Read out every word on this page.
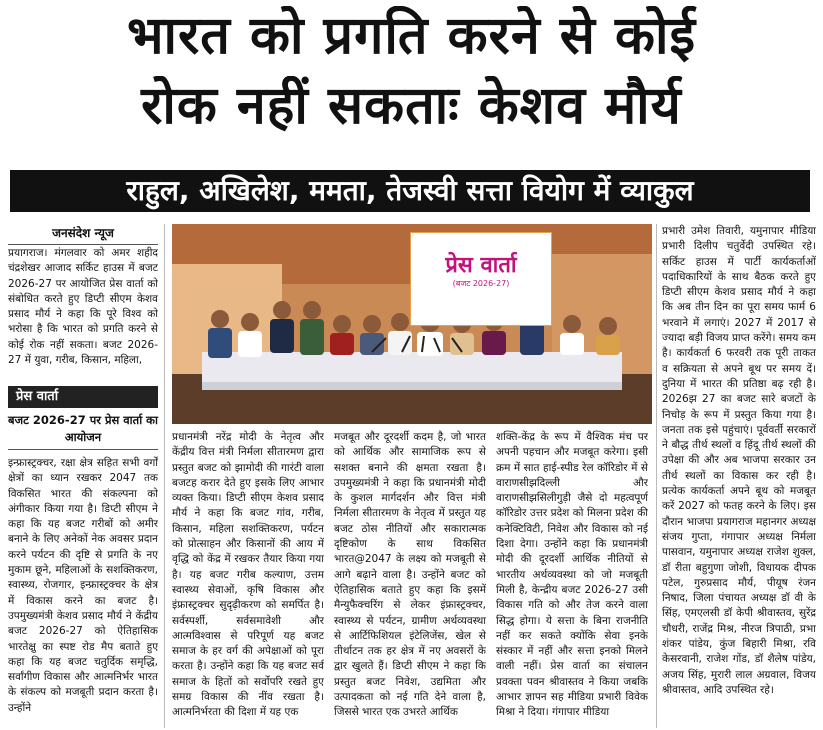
भारत को प्रगति करने से कोई
रोक नहीं सकताः केशव मौर्य
राहुल, अखिलेश, ममता, तेजस्वी सत्ता वियोग में व्याकुल
जनसंदेश न्यूज

प्रयागराज। मंगलवार को अमर शहीद चंद्रशेखर आजाद सर्किट हाउस में बजट 2026-27 पर आयोजित प्रेस वार्ता को संबोधित करते हुए डिप्टी सीएम केशव प्रसाद मौर्य ने कहा कि पूरे विश्व को भरोसा है कि भारत को प्रगति करने से कोई रोक नहीं सकता। बजट 2026-27 में युवा, गरीब, किसान, महिला,

प्रेस वार्ता
बजट 2026-27 पर प्रेस वार्ता का आयोजन

इन्फ्रास्ट्रक्चर, रक्षा क्षेत्र सहित सभी वर्गों क्षेत्रों का ध्यान रखकर 2047 तक विकसित भारत की संकल्पना को अंगीकार किया गया है। डिप्टी सीएम ने कहा कि यह बजट गरीबों को अमीर बनाने के लिए अनेकों नेक अवसर प्रदान करने पर्यटन की दृष्टि से प्रगति के नए मुकाम छूने, महिलाओं के सशक्तिकरण, स्वास्थ्य, रोजगार, इन्फ्रास्ट्रक्चर के क्षेत्र में विकास करने का बजट है। उपमुख्यमंत्री केशव प्रसाद मौर्य ने केंद्रीय बजट 2026-27 को ऐतिहासिक भारतेक्षु का स्पष्ट रोड मैप बताते हुए कहा कि यह बजट चतुर्दिक समृद्धि, सर्वांगीण विकास और आत्मनिर्भर भारत के संकल्प को मजबूती प्रदान करता है। उन्होंने

प्रेस वार्ता
(बजट 2026-27)

प्रधानमंत्री नरेंद्र मोदी के नेतृत्व और केंद्रीय वित्त मंत्री निर्मला सीतारमण द्वारा प्रस्तुत बजट को झामोदी की गारंटी वाला बजटह करार देते हुए इसके लिए आभार व्यक्त किया। डिप्टी सीएम केशव प्रसाद मौर्य ने कहा कि बजट गांव, गरीब, किसान, महिला सशक्तिकरण, पर्यटन को प्रोत्साहन और किसानों की आय में वृद्धि को केंद्र में रखकर तैयार किया गया है। यह बजट गरीब कल्याण, उत्तम स्वास्थ्य सेवाओं, कृषि विकास और इंफ्रास्ट्रक्चर सुदृढ़ीकरण को समर्पित है। सर्वस्पर्शी, सर्वसमावेशी और आत्मविश्वास से परिपूर्ण यह बजट समाज के हर वर्ग की अपेक्षाओं को पूरा करता है। उन्होंने कहा कि यह बजट सर्व समाज के हितों को सर्वोपरि रखते हुए समग्र विकास की नींव रखता है। आत्मनिर्भरता की दिशा में यह एक

मजबूत और दूरदर्शी कदम है, जो भारत को आर्थिक और सामाजिक रूप से सशक्त बनाने की क्षमता रखता है। उपमुख्यमंत्री ने कहा कि प्रधानमंत्री मोदी के कुशल मार्गदर्शन और वित्त मंत्री निर्मला सीतारमण के नेतृत्व में प्रस्तुत यह बजट ठोस नीतियों और सकारात्मक दृष्टिकोण के साथ विकसित भारत@2047 के लक्ष्य को मजबूती से आगे बढ़ाने वाला है। उन्होंने बजट को ऐतिहासिक बताते हुए कहा कि इसमें मैन्युफैक्चरिंग से लेकर इंफ्रास्ट्रक्चर, स्वास्थ्य से पर्यटन, ग्रामीण अर्थव्यवस्था से आर्टिफिशियल इंटेलिजेंस, खेल से तीर्थाटन तक हर क्षेत्र में नए अवसरों के द्वार खुलते हैं। डिप्टी सीएम ने कहा कि प्रस्तुत बजट निवेश, उद्यमिता और उत्पादकता को नई गति देने वाला है, जिससे भारत एक उभरते आर्थिक

शक्ति-केंद्र के रूप में वैश्विक मंच पर अपनी पहचान और मजबूत करेगा। इसी क्रम में सात हाई-स्पीड रेल कॉरिडोर में से वाराणसीझदिल्ली और वाराणसीझसिलीगुड़ी जैसे दो महत्वपूर्ण कॉरिडोर उत्तर प्रदेश को मिलना प्रदेश की कनेक्टिविटी, निवेश और विकास को नई दिशा देगा। उन्होंने कहा कि प्रधानमंत्री मोदी की दूरदर्शी आर्थिक नीतियों से भारतीय अर्थव्यवस्था को जो मजबूती मिली है, केन्द्रीय बजट 2026-27 उसी विकास गति को और तेज करने वाला सिद्ध होगा। ये सत्ता के बिना राजनीति नहीं कर सकते क्योंकि सेवा इनके संस्कार में नहीं और सत्ता इनको मिलने वाली नहीं। प्रेस वार्ता का संचालन प्रवक्ता पवन श्रीवास्तव ने किया जबकि आभार ज्ञापन सह मीडिया प्रभारी विवेक मिश्रा ने दिया। गंगापार मीडिया

प्रभारी उमेश तिवारी, यमुनापार मीडिया प्रभारी दिलीप चतुर्वेदी उपस्थित रहे। सर्किट हाउस में पार्टी कार्यकर्ताओं पदाधिकारियों के साथ बैठक करते हुए डिप्टी सीएम केशव प्रसाद मौर्य ने कहा कि अब तीन दिन का पूरा समय फार्म 6 भरवाने में लगाएं। 2027 में 2017 से ज्यादा बड़ी विजय प्राप्त करेंगे। समय कम है। कार्यकर्ता 6 फरवरी तक पूरी ताकत व सक्रियता से अपने बूथ पर समय दें। दुनिया में भारत की प्रतिष्ठा बढ़ रही है। 2026झ 27 का बजट सारे बजटों के निचोड़ के रूप में प्रस्तुत किया गया है। जनता तक इसे पहुंचाएं। पूर्ववर्ती सरकारों ने बौद्ध तीर्थ स्थलों व हिंदू तीर्थ स्थलों की उपेक्षा की और अब भाजपा सरकार उन तीर्थ स्थलों का विकास कर रही है। प्रत्येक कार्यकर्ता अपने बूथ को मजबूत करें 2027 को फतह करने के लिए। इस दौरान भाजपा प्रयागराज महानगर अध्यक्ष संजय गुप्ता, गंगापार अध्यक्ष निर्मला पासवान, यमुनापार अध्यक्ष राजेश शुक्ल, डॉ रीता बहुगुणा जोशी, विधायक दीपक पटेल, गुरुप्रसाद मौर्य, पीयूष रंजन निषाद, जिला पंचायत अध्यक्ष डॉ वी के सिंह, एमएलसी डॉ केपी श्रीवास्तव, सुरेंद्र चौधरी, राजेंद्र मिश्र, नीरज त्रिपाठी, प्रभा शंकर पांडेय, कुंज बिहारी मिश्रा, रवि केसरवानी, राजेश गोंड, डॉ शैलेष पांडेय, अजय सिंह, मुरारी लाल अग्रवाल, विजय श्रीवास्तव, आदि उपस्थित रहे।
